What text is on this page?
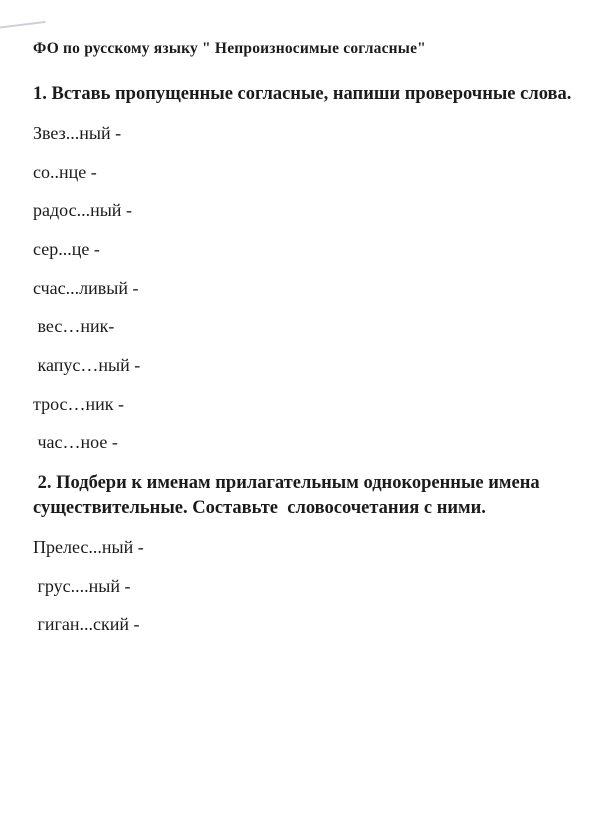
ФО по русскому языку " Непроизносимые согласные"

1. Вставь пропущенные согласные, напиши проверочные слова.

Звез...ный -

со..нце -

радос...ный -

сер...це -

счас...ливый -

вес…ник-

капус…ный -

трос…ник -

час…ное -

2. Подбери к именам прилагательным однокоренные имена существительные. Составьте  словосочетания с ними.

Прелес...ный -

грус....ный -

гиган...ский -
